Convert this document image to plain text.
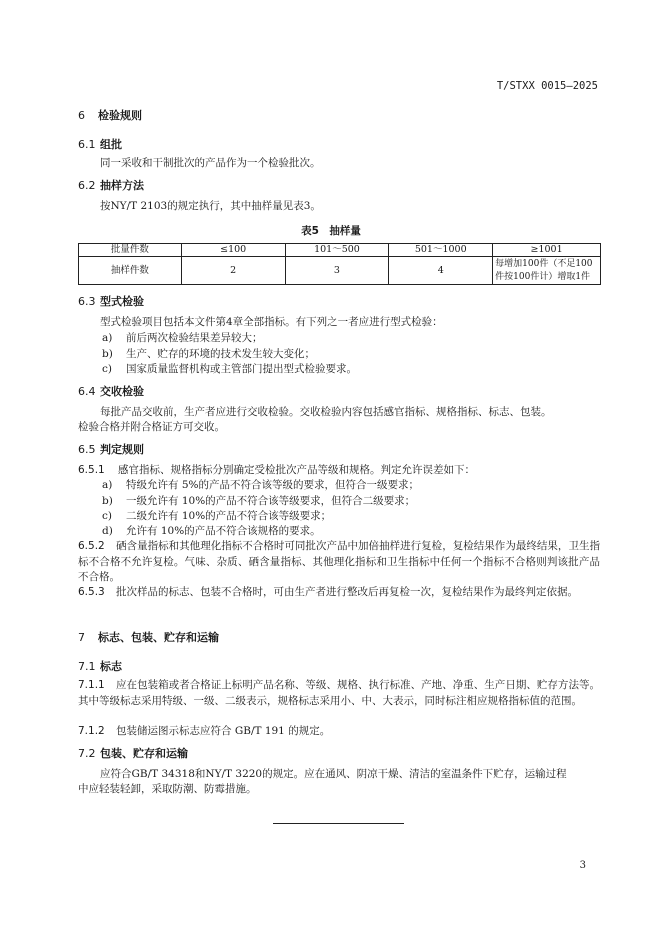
T/STXX 0015—2025
6 检验规则
6.1 组批
同一采收和干制批次的产品作为一个检验批次。
6.2 抽样方法
按NY/T 2103的规定执行，其中抽样量见表3。
表5　抽样量
批量件数	≤100	101～500	501～1000	≥1001
抽样件数	2	3	4	每增加100件（不足100件按100件计）增取1件
6.3 型式检验
型式检验项目包括本文件第4章全部指标。有下列之一者应进行型式检验：
a) 前后两次检验结果差异较大；
b) 生产、贮存的环境的技术发生较大变化；
c) 国家质量监督机构或主管部门提出型式检验要求。
6.4 交收检验
每批产品交收前，生产者应进行交收检验。交收检验内容包括感官指标、规格指标、标志、包装。
检验合格并附合格证方可交收。
6.5 判定规则
6.5.1 感官指标、规格指标分别确定受检批次产品等级和规格。判定允许误差如下：
a) 特级允许有 5%的产品不符合该等级的要求，但符合一级要求；
b) 一级允许有 10%的产品不符合该等级要求，但符合二级要求；
c) 二级允许有 10%的产品不符合该等级要求；
d) 允许有 10%的产品不符合该规格的要求。
6.5.2 硒含量指标和其他理化指标不合格时可同批次产品中加倍抽样进行复检，复检结果作为最终结果，卫生指标不合格不允许复检。气味、杂质、硒含量指标、其他理化指标和卫生指标中任何一个指标不合格则判该批产品不合格。
6.5.3 批次样品的标志、包装不合格时，可由生产者进行整改后再复检一次，复检结果作为最终判定依据。
7 标志、包装、贮存和运输
7.1 标志
7.1.1 应在包装箱或者合格证上标明产品名称、等级、规格、执行标准、产地、净重、生产日期、贮存方法等。其中等级标志采用特级、一级、二级表示，规格标志采用小、中、大表示，同时标注相应规格指标值的范围。
7.1.2 包装储运图示标志应符合 GB/T 191 的规定。
7.2 包装、贮存和运输
应符合GB/T 34318和NY/T 3220的规定。应在通风、阴凉干燥、清洁的室温条件下贮存，运输过程
中应轻装轻卸，采取防潮、防霉措施。
3
